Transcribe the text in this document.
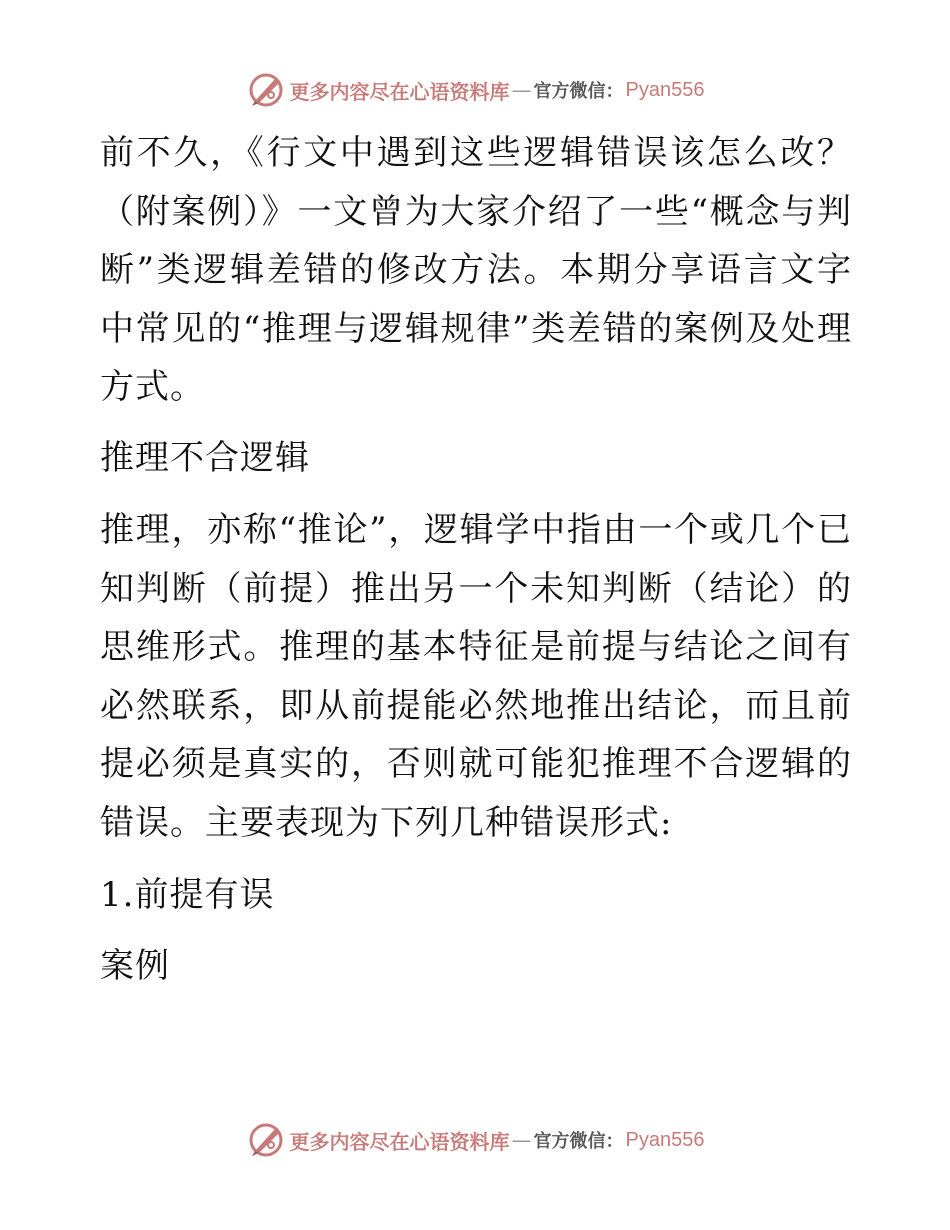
更多内容尽在心语资料库 — 官方微信： Pyan556

前不久，《行文中遇到这些逻辑错误该怎么改？（附案例）》一文曾为大家介绍了一些“概念与判断”类逻辑差错的修改方法。本期分享语言文字中常见的“推理与逻辑规律”类差错的案例及处理方式。

推理不合逻辑

推理，亦称“推论”，逻辑学中指由一个或几个已知判断（前提）推出另一个未知判断（结论）的思维形式。推理的基本特征是前提与结论之间有必然联系，即从前提能必然地推出结论，而且前提必须是真实的，否则就可能犯推理不合逻辑的错误。主要表现为下列几种错误形式:

1.前提有误

案例

更多内容尽在心语资料库 — 官方微信： Pyan556
